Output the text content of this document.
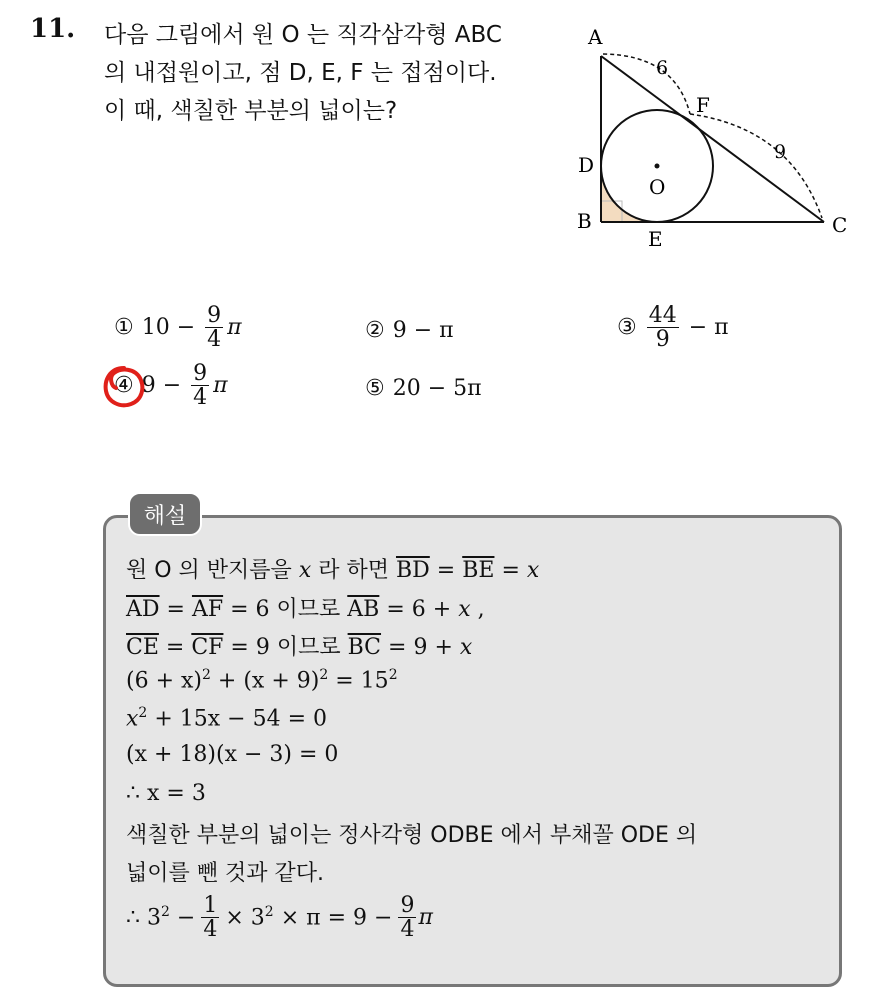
11. 다음 그림에서 원 O 는 직각삼각형 ABC
의 내접원이고, 점 D, E, F 는 접점이다.
이 때, 색칠한 부분의 넓이는?
A
B	C
D
E
F
O
6
9
① $10 - \frac{9}{4}$ π	② 9 − π	③ $\frac{44}{9} - \pi$
④ $9 - \frac{9}{4}$ π	⑤ 20 − 5π
해설
원 O 의 반지름을 x 라 하면 $\overline{BD} = \overline{BE} = x$
$\overline{AD} = \overline{AF} = 6$ 이므로 $\overline{AB} = 6 + x$ ,
$\overline{CE} = \overline{CF} = 9$ 이므로 $\overline{BC} = 9 + x$
$(6 + x)^2 + (x + 9)^2 = 15^2$
$x^2 + 15x - 54 = 0$
(x + 18)(x − 3) = 0
∴ x = 3
색칠한 부분의 넓이는 정사각형 ODBE 에서 부채꼴 ODE 의
넓이를 뺀 것과 같다.
∴ $3^2 - \frac{1}{4} \times 3^2 \times \pi = 9 - \frac{9}{4}$ π
